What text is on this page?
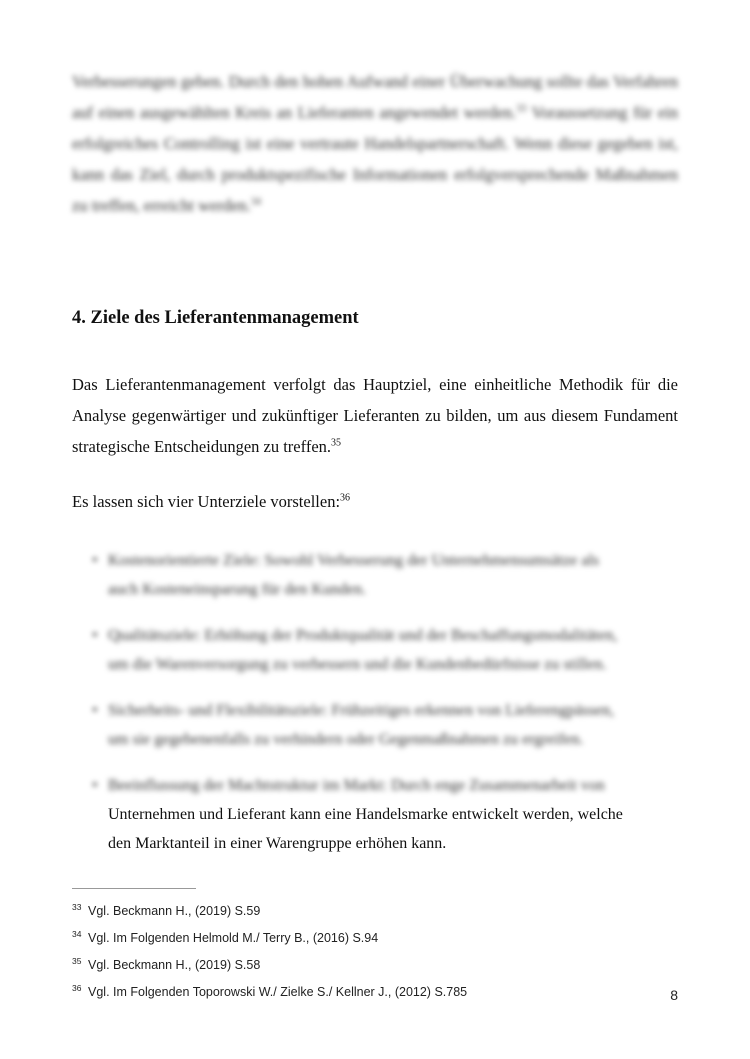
Verbesserungen geben. Durch den hohen Aufwand einer Überwachung sollte das Verfahren auf einen ausgewählten Kreis an Lieferanten angewendet werden.$^{33}$ Voraussetzung für ein erfolgreiches Controlling ist eine vertraute Handelspartnerschaft. Wenn diese gegeben ist, kann das Ziel, durch produktspezifische Informationen erfolgversprechende Maßnahmen zu treffen, erreicht werden.$^{34}$
4. Ziele des Lieferantenmanagement
Das Lieferantenmanagement verfolgt das Hauptziel, eine einheitliche Methodik für die Analyse gegenwärtiger und zukünftiger Lieferanten zu bilden, um aus diesem Fundament strategische Entscheidungen zu treffen.$^{35}$
Es lassen sich vier Unterziele vorstellen:$^{36}$
• Kostenorientierte Ziele: Sowohl Verbesserung der Unternehmensumsätze als
auch Kosteneinsparung für den Kunden.
• Qualitätsziele: Erhöhung der Produktqualität und der Beschaffungsmodalitäten,
um die Warenversorgung zu verbessern und die Kundenbedürfnisse zu stillen.
• Sicherheits- und Flexibilitätsziele: Frühzeitiges erkennen von Lieferengpässen,
um sie gegebenenfalls zu verhindern oder Gegenmaßnahmen zu ergreifen.
• Beeinflussung der Machtstruktur im Markt: Durch enge Zusammenarbeit von
Unternehmen und Lieferant kann eine Handelsmarke entwickelt werden, welche
den Marktanteil in einer Warengruppe erhöhen kann.
33 Vgl. Beckmann H., (2019) S.59
34 Vgl. Im Folgenden Helmold M./ Terry B., (2016) S.94
35 Vgl. Beckmann H., (2019) S.58
36 Vgl. Im Folgenden Toporowski W./ Zielke S./ Kellner J., (2012) S.785	8
